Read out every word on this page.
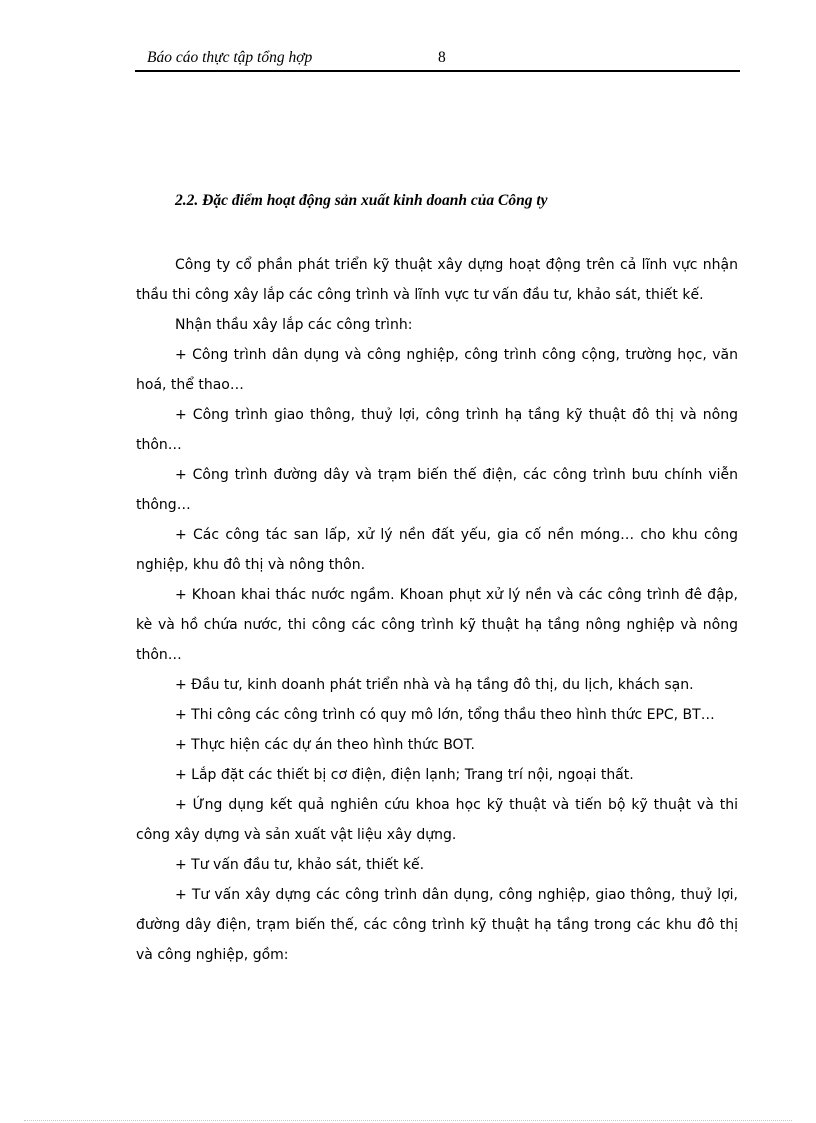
Báo cáo thực tập tổng hợp	8
2.2. Đặc điểm hoạt động sản xuất kinh doanh của Công ty

Công ty cổ phần phát triển kỹ thuật xây dựng hoạt động trên cả lĩnh vực nhận thầu thi công xây lắp các công trình và lĩnh vực tư vấn đầu tư, khảo sát, thiết kế.

Nhận thầu xây lắp các công trình:

+ Công trình dân dụng và công nghiệp, công trình công cộng, trường học, văn hoá, thể thao…

+ Công trình giao thông, thuỷ lợi, công trình hạ tầng kỹ thuật đô thị và nông thôn…

+ Công trình đường dây và trạm biến thế điện, các công trình bưu chính viễn thông…

+ Các công tác san lấp, xử lý nền đất yếu, gia cố nền móng… cho khu công nghiệp, khu đô thị và nông thôn.

+ Khoan khai thác nước ngầm. Khoan phụt xử lý nền và các công trình đê đập, kè và hồ chứa nước, thi công các công trình kỹ thuật hạ tầng nông nghiệp và nông thôn…

+ Đầu tư, kinh doanh phát triển nhà và hạ tầng đô thị, du lịch, khách sạn.

+ Thi công các công trình có quy mô lớn, tổng thầu theo hình thức EPC, BT…

+ Thực hiện các dự án theo hình thức BOT.

+ Lắp đặt các thiết bị cơ điện, điện lạnh; Trang trí nội, ngoại thất.

+ Ứng dụng kết quả nghiên cứu khoa học kỹ thuật và tiến bộ kỹ thuật và thi công xây dựng và sản xuất vật liệu xây dựng.

+ Tư vấn đầu tư, khảo sát, thiết kế.

+ Tư vấn xây dựng các công trình dân dụng, công nghiệp, giao thông, thuỷ lợi, đường dây điện, trạm biến thế, các công trình kỹ thuật hạ tầng trong các khu đô thị và công nghiệp, gồm:
